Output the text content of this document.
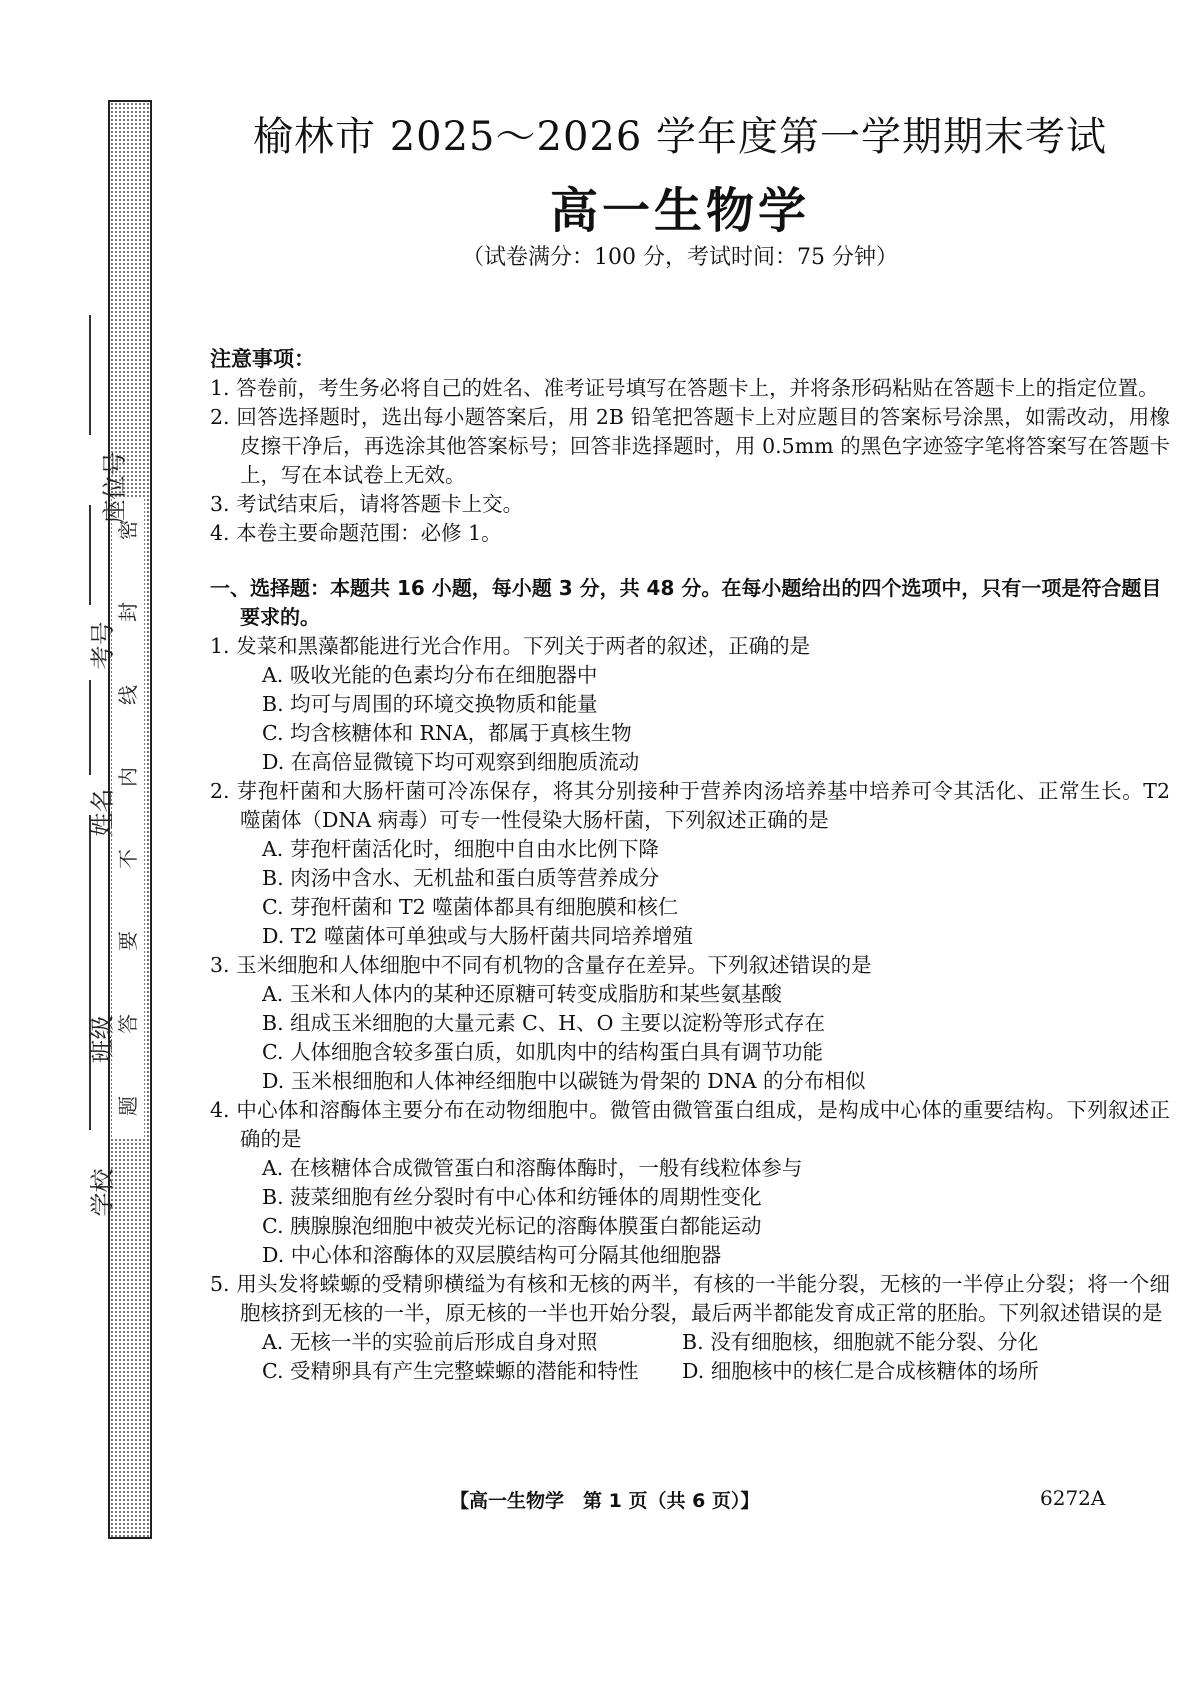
密
封
线
内
不
要
答
题
学校
班级
姓名
考号
座位号
榆林市 2025～2026 学年度第一学期期末考试
高一生物学
（试卷满分：100 分，考试时间：75 分钟）
注意事项：
1. 答卷前，考生务必将自己的姓名、准考证号填写在答题卡上，并将条形码粘贴在答题卡上的指定位置。
2. 回答选择题时，选出每小题答案后，用 2B 铅笔把答题卡上对应题目的答案标号涂黑，如需改动，用橡皮擦干净后，再选涂其他答案标号；回答非选择题时，用 0.5mm 的黑色字迹签字笔将答案写在答题卡上，写在本试卷上无效。
3. 考试结束后，请将答题卡上交。
4. 本卷主要命题范围：必修 1。
一、选择题：本题共 16 小题，每小题 3 分，共 48 分。在每小题给出的四个选项中，只有一项是符合题目要求的。
1. 发菜和黑藻都能进行光合作用。下列关于两者的叙述，正确的是
A. 吸收光能的色素均分布在细胞器中
B. 均可与周围的环境交换物质和能量
C. 均含核糖体和 RNA，都属于真核生物
D. 在高倍显微镜下均可观察到细胞质流动
2. 芽孢杆菌和大肠杆菌可冷冻保存，将其分别接种于营养肉汤培养基中培养可令其活化、正常生长。T2 噬菌体（DNA 病毒）可专一性侵染大肠杆菌，下列叙述正确的是
A. 芽孢杆菌活化时，细胞中自由水比例下降
B. 肉汤中含水、无机盐和蛋白质等营养成分
C. 芽孢杆菌和 T2 噬菌体都具有细胞膜和核仁
D. T2 噬菌体可单独或与大肠杆菌共同培养增殖
3. 玉米细胞和人体细胞中不同有机物的含量存在差异。下列叙述错误的是
A. 玉米和人体内的某种还原糖可转变成脂肪和某些氨基酸
B. 组成玉米细胞的大量元素 C、H、O 主要以淀粉等形式存在
C. 人体细胞含较多蛋白质，如肌肉中的结构蛋白具有调节功能
D. 玉米根细胞和人体神经细胞中以碳链为骨架的 DNA 的分布相似
4. 中心体和溶酶体主要分布在动物细胞中。微管由微管蛋白组成，是构成中心体的重要结构。下列叙述正确的是
A. 在核糖体合成微管蛋白和溶酶体酶时，一般有线粒体参与
B. 菠菜细胞有丝分裂时有中心体和纺锤体的周期性变化
C. 胰腺腺泡细胞中被荧光标记的溶酶体膜蛋白都能运动
D. 中心体和溶酶体的双层膜结构可分隔其他细胞器
5. 用头发将蝾螈的受精卵横缢为有核和无核的两半，有核的一半能分裂，无核的一半停止分裂；将一个细胞核挤到无核的一半，原无核的一半也开始分裂，最后两半都能发育成正常的胚胎。下列叙述错误的是
A. 无核一半的实验前后形成自身对照	B. 没有细胞核，细胞就不能分裂、分化
C. 受精卵具有产生完整蝾螈的潜能和特性	D. 细胞核中的核仁是合成核糖体的场所
【高一生物学　第 1 页（共 6 页）】	6272A
